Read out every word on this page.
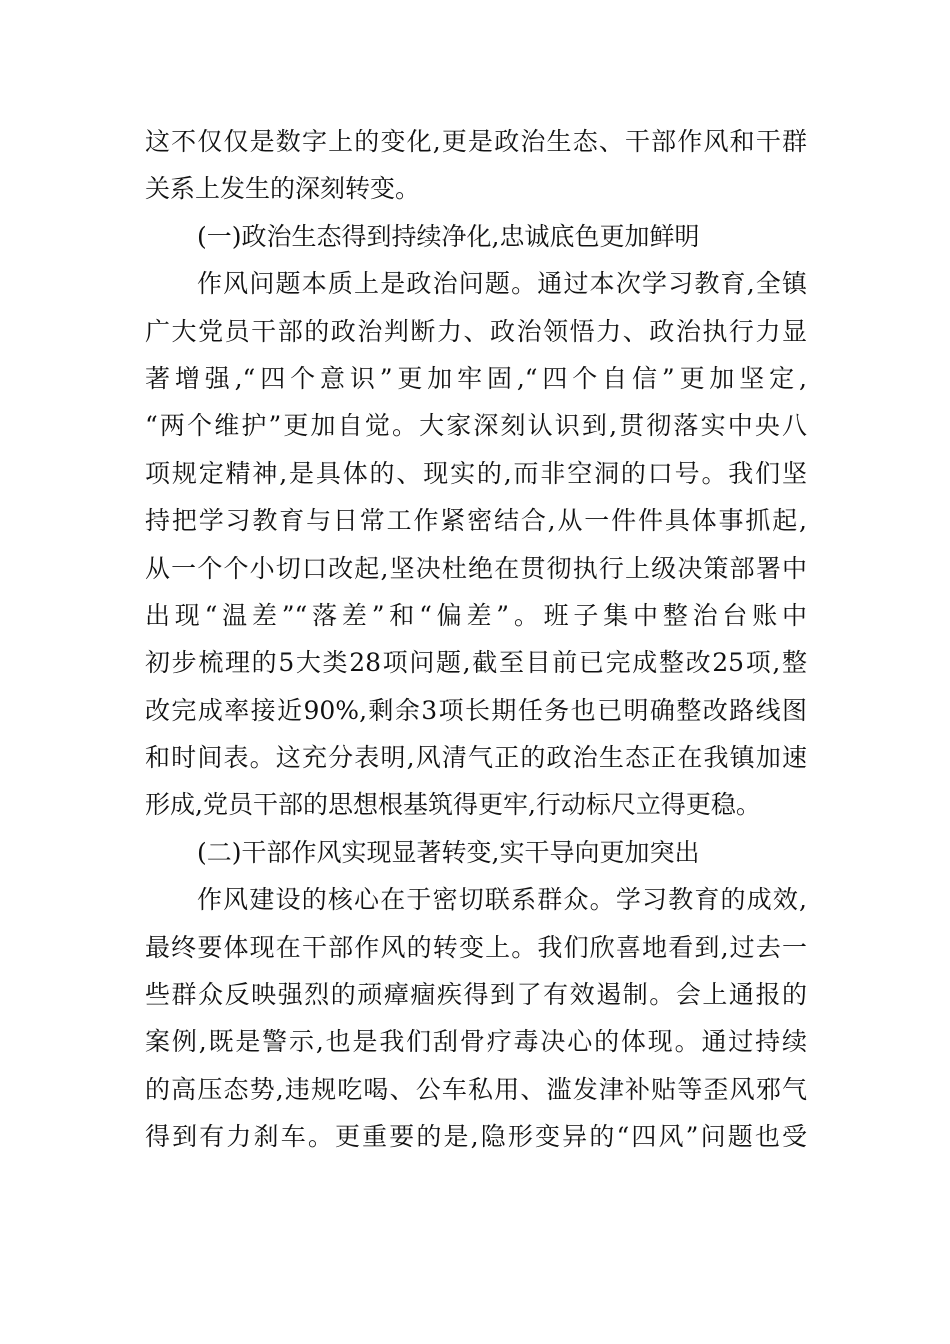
这不仅仅是数字上的变化,更是政治生态、干部作风和干群
关系上发生的深刻转变。
(一)政治生态得到持续净化,忠诚底色更加鲜明
作风问题本质上是政治问题。通过本次学习教育,全镇
广大党员干部的政治判断力、政治领悟力、政治执行力显
著增强,“四个意识”更加牢固,“四个自信”更加坚定,
“两个维护”更加自觉。大家深刻认识到,贯彻落实中央八
项规定精神,是具体的、现实的,而非空洞的口号。我们坚
持把学习教育与日常工作紧密结合,从一件件具体事抓起,
从一个个小切口改起,坚决杜绝在贯彻执行上级决策部署中
出现“温差”“落差”和“偏差”。班子集中整治台账中
初步梳理的5大类28项问题,截至目前已完成整改25项,整
改完成率接近90%,剩余3项长期任务也已明确整改路线图
和时间表。这充分表明,风清气正的政治生态正在我镇加速
形成,党员干部的思想根基筑得更牢,行动标尺立得更稳。
(二)干部作风实现显著转变,实干导向更加突出
作风建设的核心在于密切联系群众。学习教育的成效,
最终要体现在干部作风的转变上。我们欣喜地看到,过去一
些群众反映强烈的顽瘴痼疾得到了有效遏制。会上通报的
案例,既是警示,也是我们刮骨疗毒决心的体现。通过持续
的高压态势,违规吃喝、公车私用、滥发津补贴等歪风邪气
得到有力刹车。更重要的是,隐形变异的“四风”问题也受
